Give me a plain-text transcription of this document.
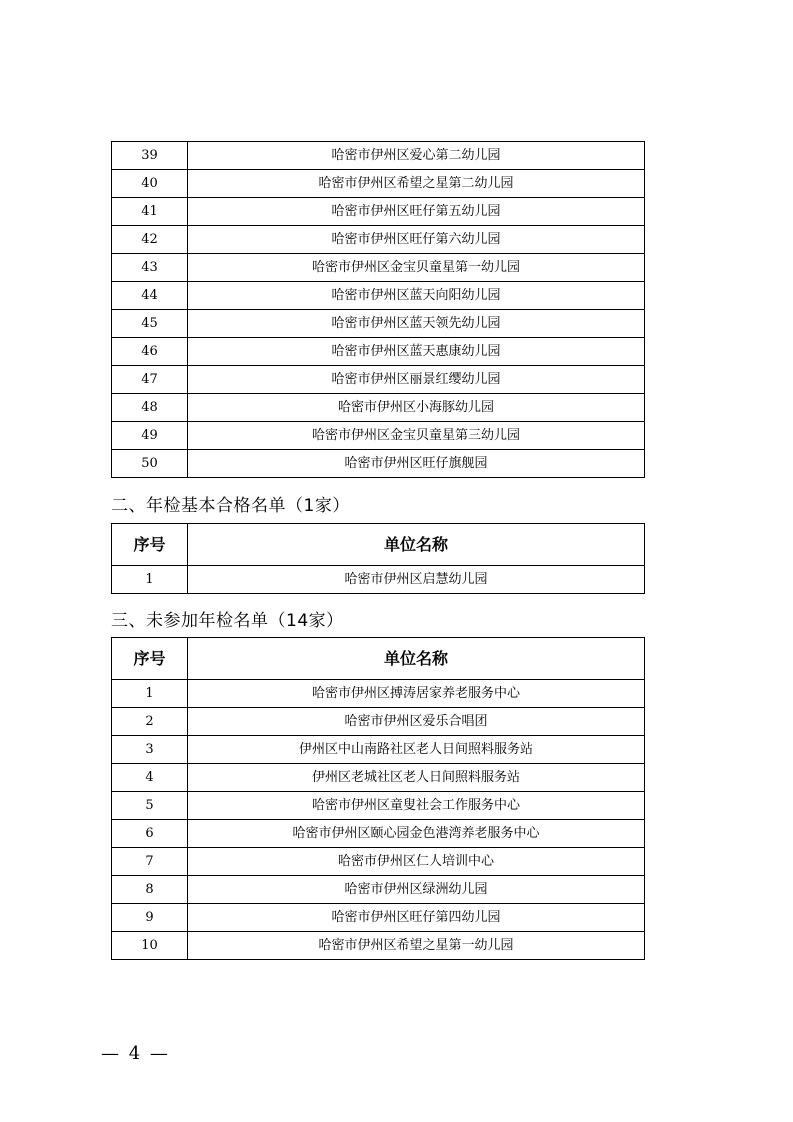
39	哈密市伊州区爱心第二幼儿园
40	哈密市伊州区希望之星第二幼儿园
41	哈密市伊州区旺仔第五幼儿园
42	哈密市伊州区旺仔第六幼儿园
43	哈密市伊州区金宝贝童星第一幼儿园
44	哈密市伊州区蓝天向阳幼儿园
45	哈密市伊州区蓝天领先幼儿园
46	哈密市伊州区蓝天惠康幼儿园
47	哈密市伊州区丽景红缨幼儿园
48	哈密市伊州区小海豚幼儿园
49	哈密市伊州区金宝贝童星第三幼儿园
50	哈密市伊州区旺仔旗舰园
二、年检基本合格名单（1家）
序号	单位名称
1	哈密市伊州区启慧幼儿园
三、未参加年检名单（14家）
序号	单位名称
1	哈密市伊州区搏涛居家养老服务中心
2	哈密市伊州区爱乐合唱团
3	伊州区中山南路社区老人日间照料服务站
4	伊州区老城社区老人日间照料服务站
5	哈密市伊州区童叟社会工作服务中心
6	哈密市伊州区颐心园金色港湾养老服务中心
7	哈密市伊州区仁人培训中心
8	哈密市伊州区绿洲幼儿园
9	哈密市伊州区旺仔第四幼儿园
10	哈密市伊州区希望之星第一幼儿园
— 4 —
